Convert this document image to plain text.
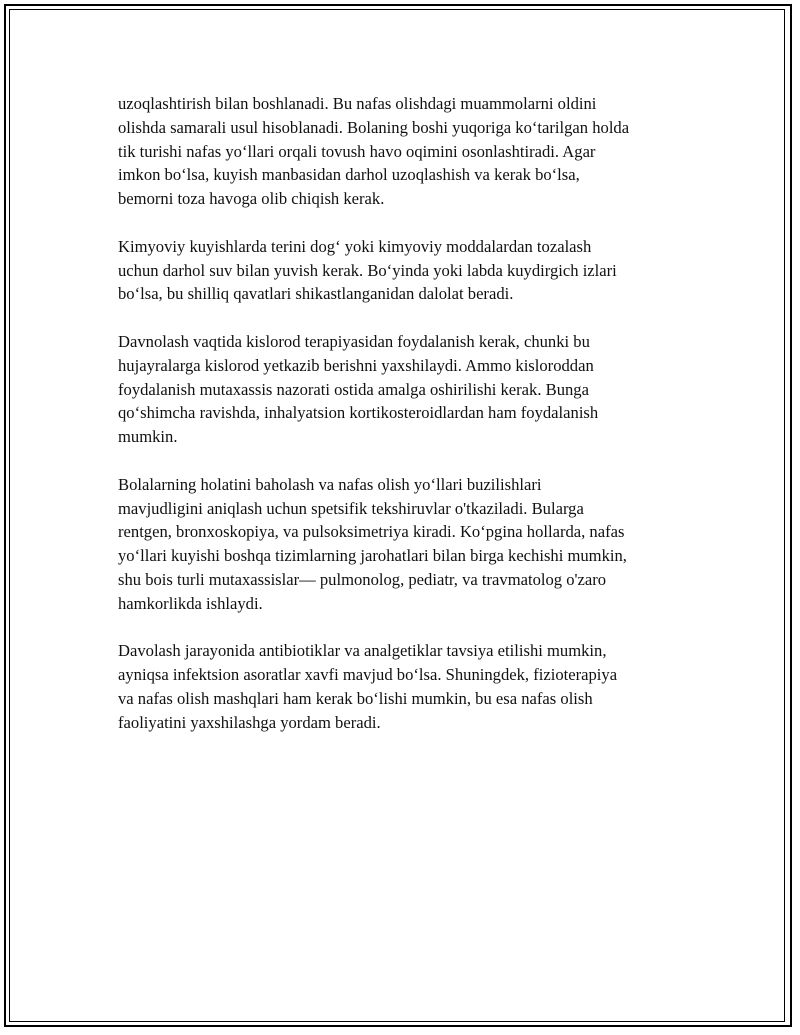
uzoqlashtirish bilan boshlanadi. Bu nafas olishdagi muammolarni oldini
olishda samarali usul hisoblanadi. Bolaning boshi yuqoriga koʻtarilgan holda
tik turishi nafas yoʻllari orqali tovush havo oqimini osonlashtiradi. Agar
imkon boʻlsa, kuyish manbasidan darhol uzoqlashish va kerak boʻlsa,
bemorni toza havoga olib chiqish kerak.

Kimyoviy kuyishlarda terini dogʻ yoki kimyoviy moddalardan tozalash
uchun darhol suv bilan yuvish kerak. Boʻyinda yoki labda kuydirgich izlari
boʻlsa, bu shilliq qavatlari shikastlanganidan dalolat beradi.

Davnolash vaqtida kislorod terapiyasidan foydalanish kerak, chunki bu
hujayralarga kislorod yetkazib berishni yaxshilaydi. Ammo kisloroddan
foydalanish mutaxassis nazorati ostida amalga oshirilishi kerak. Bunga
qoʻshimcha ravishda, inhalyatsion kortikosteroidlardan ham foydalanish
mumkin.

Bolalarning holatini baholash va nafas olish yoʻllari buzilishlari
mavjudligini aniqlash uchun spetsifik tekshiruvlar o'tkaziladi. Bularga
rentgen, bronxoskopiya, va pulsoksimetriya kiradi. Koʻpgina hollarda, nafas
yoʻllari kuyishi boshqa tizimlarning jarohatlari bilan birga kechishi mumkin,
shu bois turli mutaxassislar— pulmonolog, pediatr, va travmatolog o'zaro
hamkorlikda ishlaydi.

Davolash jarayonida antibiotiklar va analgetiklar tavsiya etilishi mumkin,
ayniqsa infektsion asoratlar xavfi mavjud boʻlsa. Shuningdek, fizioterapiya
va nafas olish mashqlari ham kerak boʻlishi mumkin, bu esa nafas olish
faoliyatini yaxshilashga yordam beradi.
